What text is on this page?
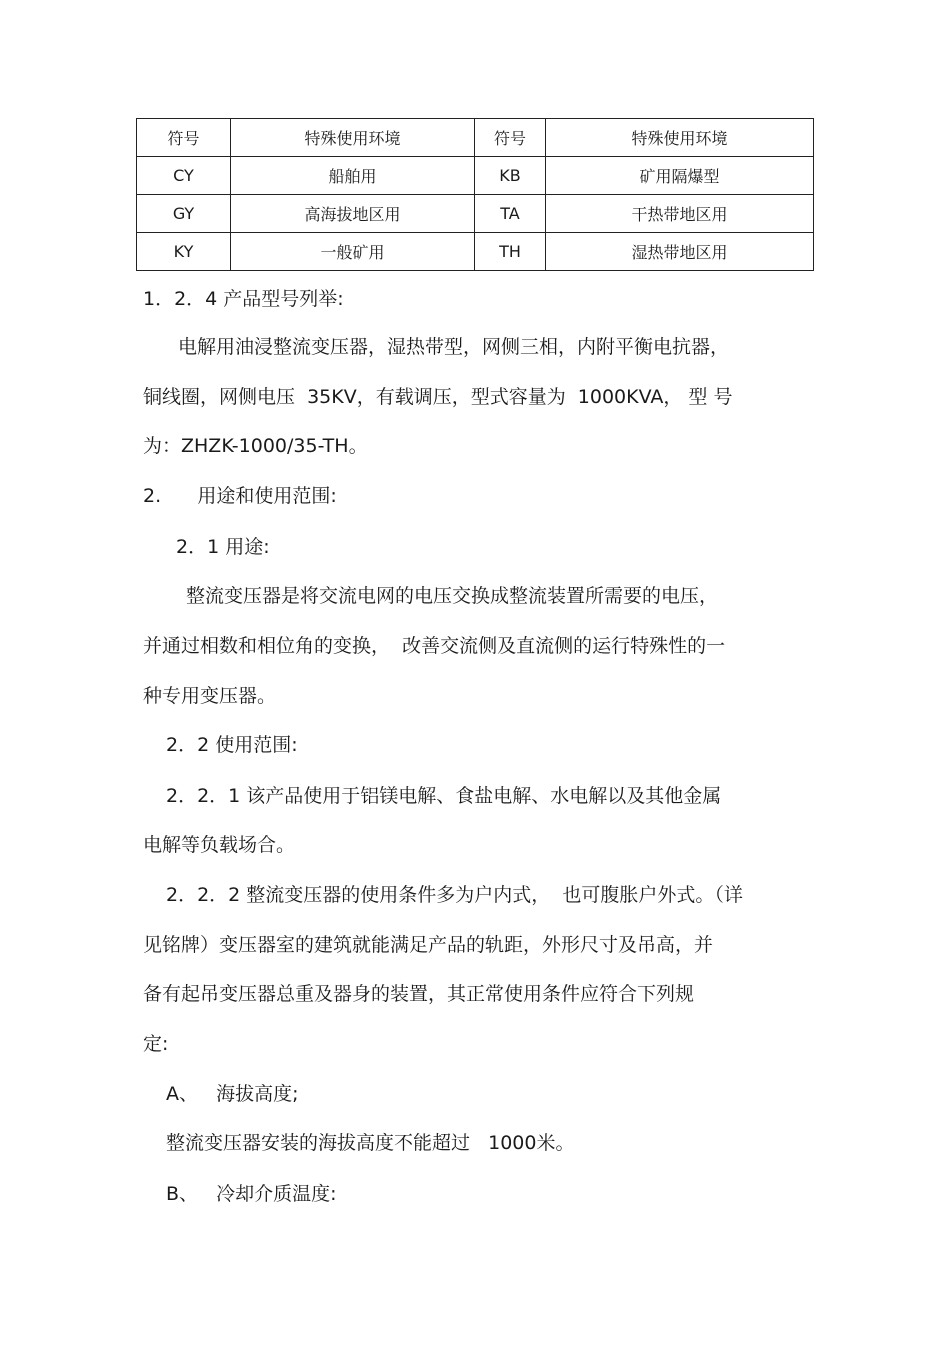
符号	特殊使用环境	符号	特殊使用环境
CY	船舶用	KB	矿用隔爆型
GY	高海拔地区用	TA	干热带地区用
KY	一般矿用	TH	湿热带地区用
1．2．4 产品型号列举:
电解用油浸整流变压器，湿热带型，网侧三相，内附平衡电抗器，
铜线圈，网侧电压  35KV，有载调压，型式容量为  1000KVA， 型 号
为：ZHZK-1000/35-TH。
2.      用途和使用范围:
2．1 用途:
整流变压器是将交流电网的电压交换成整流装置所需要的电压，
并通过相数和相位角的变换，  改善交流侧及直流侧的运行特殊性的一
种专用变压器。
2．2 使用范围:
2．2．1 该产品使用于铝镁电解、食盐电解、水电解以及其他金属
电解等负载场合。
2．2．2 整流变压器的使用条件多为户内式，  也可腹胀户外式。（详
见铭牌）变压器室的建筑就能满足产品的轨距，外形尺寸及吊高，并
备有起吊变压器总重及器身的装置，其正常使用条件应符合下列规
定:
A、   海拔高度;
整流变压器安装的海拔高度不能超过   1000米。
B、   冷却介质温度:
